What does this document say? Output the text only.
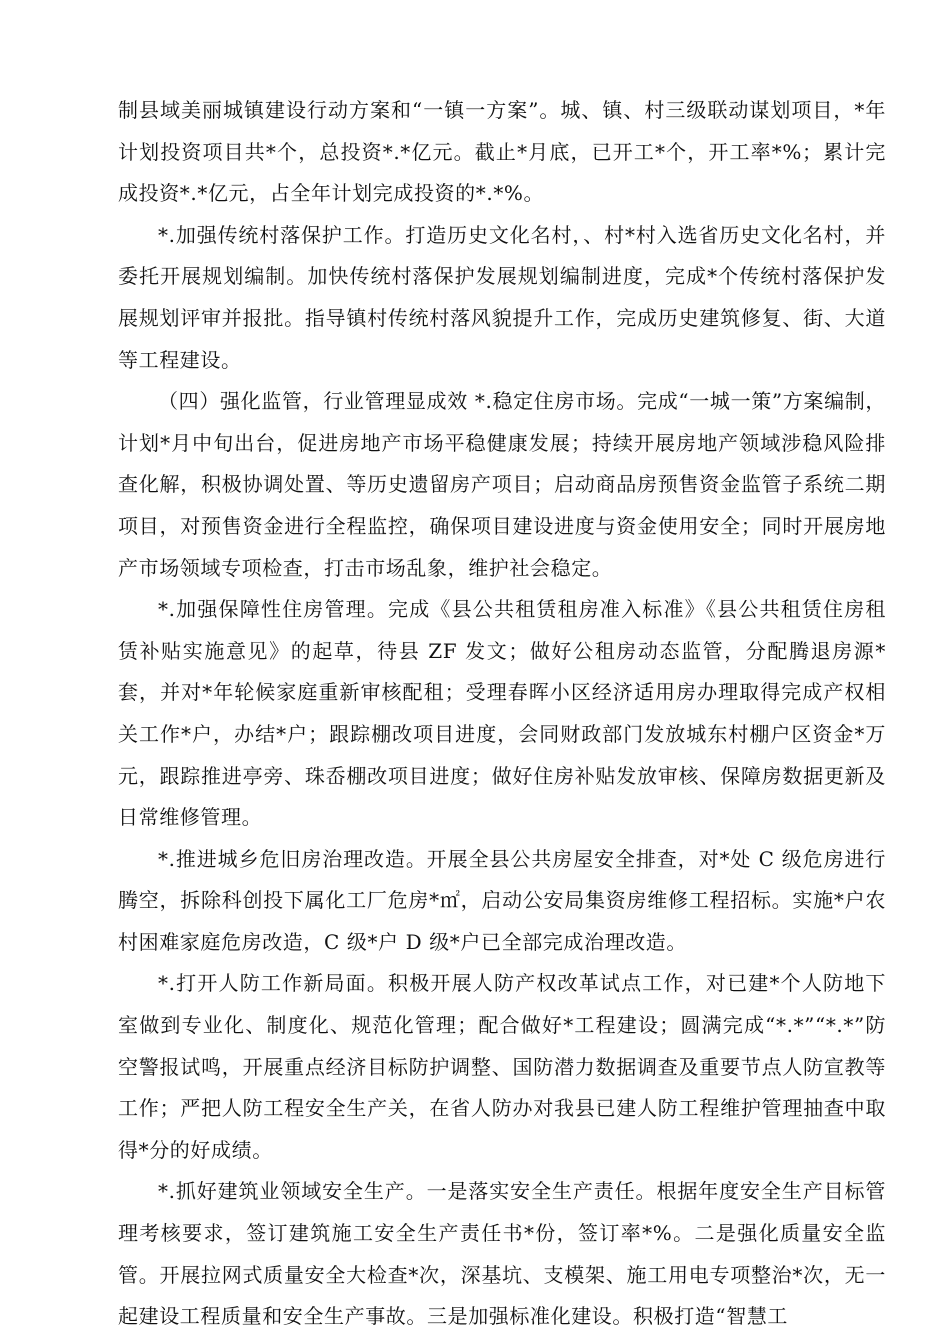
制县域美丽城镇建设行动方案和“一镇一方案”。城、镇、村三级联动谋划项目，*年计划投资项目共*个，总投资*.*亿元。截止*月底，已开工*个，开工率*%；累计完成投资*.*亿元，占全年计划完成投资的*.*%。

*.加强传统村落保护工作。打造历史文化名村，、村*村入选省历史文化名村，并委托开展规划编制。加快传统村落保护发展规划编制进度，完成*个传统村落保护发展规划评审并报批。指导镇村传统村落风貌提升工作，完成历史建筑修复、街、大道等工程建设。

（四）强化监管，行业管理显成效 *.稳定住房市场。完成“一城一策”方案编制，计划*月中旬出台，促进房地产市场平稳健康发展；持续开展房地产领域涉稳风险排查化解，积极协调处置、等历史遗留房产项目；启动商品房预售资金监管子系统二期项目，对预售资金进行全程监控，确保项目建设进度与资金使用安全；同时开展房地产市场领域专项检查，打击市场乱象，维护社会稳定。

*.加强保障性住房管理。完成《县公共租赁租房准入标准》《县公共租赁住房租赁补贴实施意见》的起草，待县 ZF 发文；做好公租房动态监管，分配腾退房源*套，并对*年轮候家庭重新审核配租；受理春晖小区经济适用房办理取得完成产权相关工作*户，办结*户；跟踪棚改项目进度，会同财政部门发放城东村棚户区资金*万元，跟踪推进亭旁、珠岙棚改项目进度；做好住房补贴发放审核、保障房数据更新及日常维修管理。

*.推进城乡危旧房治理改造。开展全县公共房屋安全排查，对*处 C 级危房进行腾空，拆除科创投下属化工厂危房*㎡，启动公安局集资房维修工程招标。实施*户农村困难家庭危房改造，C 级*户 D 级*户已全部完成治理改造。

*.打开人防工作新局面。积极开展人防产权改革试点工作，对已建*个人防地下室做到专业化、制度化、规范化管理；配合做好*工程建设；圆满完成“*.*”“*.*”防空警报试鸣，开展重点经济目标防护调整、国防潜力数据调查及重要节点人防宣教等工作；严把人防工程安全生产关，在省人防办对我县已建人防工程维护管理抽查中取得*分的好成绩。

*.抓好建筑业领域安全生产。一是落实安全生产责任。根据年度安全生产目标管理考核要求，签订建筑施工安全生产责任书*份，签订率*%。二是强化质量安全监管。开展拉网式质量安全大检查*次，深基坑、支模架、施工用电专项整治*次，无一起建设工程质量和安全生产事故。三是加强标准化建设。积极打造“智慧工
